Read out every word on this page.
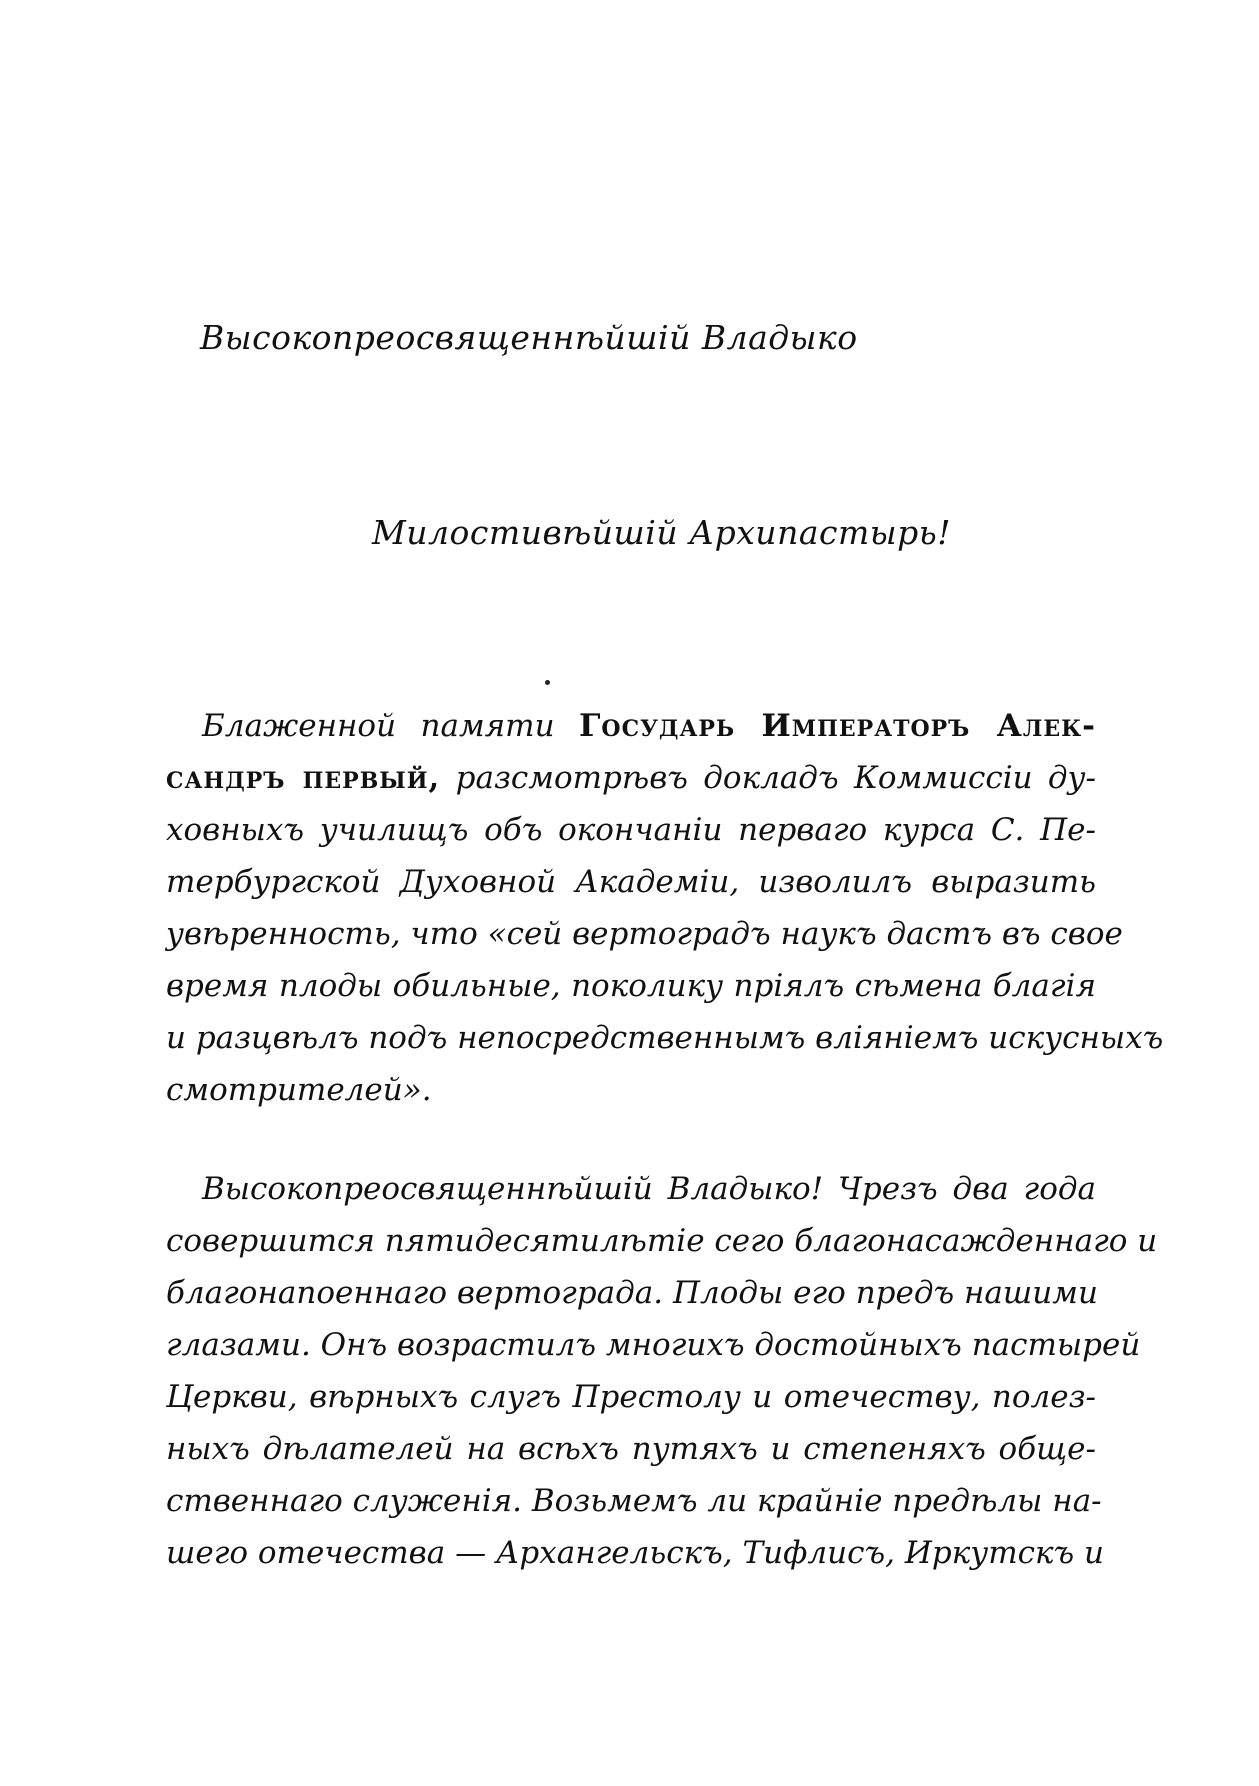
Высокопреосвященнѣйшій Владыко
Милостивѣйшій Архипастырь!
Блаженной памяти Государь Императоръ Алек-
сандръ первый, разсмотрѣвъ докладъ Коммиссіи ду-
ховныхъ училищъ объ окончаніи перваго курса С. Пе-
тербургской Духовной Академіи, изволилъ выразить
увѣренность, что «сей вертоградъ наукъ дастъ въ свое
время плоды обильные, поколику пріялъ сѣмена благія
и разцвѣлъ подъ непосредственнымъ вліяніемъ искусныхъ
смотрителей».
Высокопреосвященнѣйшій Владыко! Чрезъ два года
совершится пятидесятилѣтіе сего благонасажденнаго и
благонапоеннаго вертограда. Плоды его предъ нашими
глазами. Онъ возрастилъ многихъ достойныхъ пастырей
Церкви, вѣрныхъ слугъ Престолу и отечеству, полез-
ныхъ дѣлателей на всѣхъ путяхъ и степеняхъ обще-
ственнаго служенія. Возьмемъ ли крайніе предѣлы на-
шего отечества — Архангельскъ, Тифлисъ, Иркутскъ и
